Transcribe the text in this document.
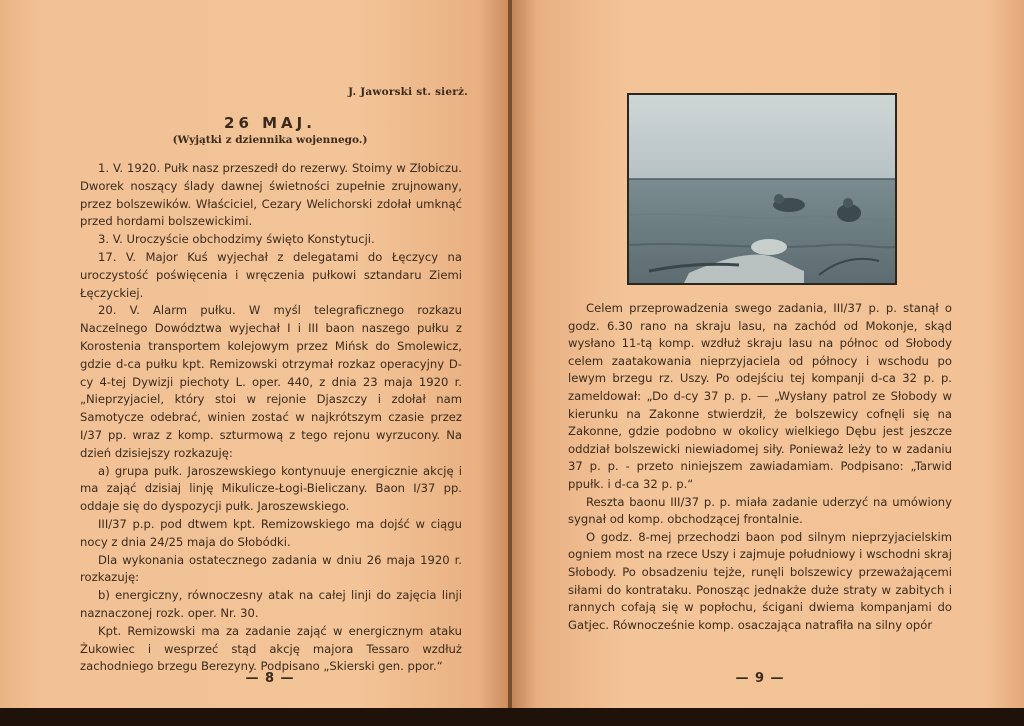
J. Jaworski st. sierż.
26 MAJ.
(Wyjątki z dziennika wojennego.)

1. V. 1920. Pułk nasz przeszedł do rezerwy. Stoimy w Złobiczu. Dworek noszący ślady dawnej świetności zupełnie zrujnowany, przez bolszewików. Właściciel, Cezary Welichorski zdołał umknąć przed hordami bolszewickimi.

3. V. Uroczyście obchodzimy święto Konstytucji.

17. V. Major Kuś wyjechał z delegatami do Łęczycy na uroczystość poświęcenia i wręczenia pułkowi sztandaru Ziemi Łęczyckiej.

20. V. Alarm pułku. W myśl telegraficznego rozkazu Naczelnego Dowództwa wyjechał I i III baon naszego pułku z Korostenia transportem kolejowym przez Mińsk do Smolewicz, gdzie d-ca pułku kpt. Remizowski otrzymał rozkaz operacyjny D-cy 4-tej Dywizji piechoty L. oper. 440, z dnia 23 maja 1920 r. „Nieprzyjaciel, który stoi w rejonie Djaszczy i zdołał nam Samotycze odebrać, winien zostać w najkrótszym czasie przez I/37 pp. wraz z komp. szturmową z tego rejonu wyrzucony. Na dzień dzisiejszy rozkazuję:

a) grupa pułk. Jaroszewskiego kontynuuje energicznie akcję i ma zająć dzisiaj linję Mikulicze-Łogi-Bieliczany. Baon I/37 pp. oddaje się do dyspozycji pułk. Jaroszewskiego.

III/37 p.p. pod dtwem kpt. Remizowskiego ma dojść w ciągu nocy z dnia 24/25 maja do Słobódki.

Dla wykonania ostatecznego zadania w dniu 26 maja 1920 r. rozkazuję:

b) energiczny, równoczesny atak na całej linji do zajęcia linji naznaczonej rozk. oper. Nr. 30.

Kpt. Remizowski ma za zadanie zająć w energicznym ataku Żukowiec i wesprzeć stąd akcję majora Tessaro wzdłuż zachodniego brzegu Berezyny. Podpisano „Skierski gen. ppor.“

— 8 —

Celem przeprowadzenia swego zadania, III/37 p. p. stanął o godz. 6.30 rano na skraju lasu, na zachód od Mokonje, skąd wysłano 11-tą komp. wzdłuż skraju lasu na północ od Słobody celem zaatakowania nieprzyjaciela od północy i wschodu po lewym brzegu rz. Uszy. Po odejściu tej kompanji d-ca 32 p. p. zameldował: „Do d-cy 37 p. p. — „Wysłany patrol ze Słobody w kierunku na Zakonne stwierdził, że bolszewicy cofnęli się na Zakonne, gdzie podobno w okolicy wielkiego Dębu jest jeszcze oddział bolszewicki niewiadomej siły. Ponieważ leży to w zadaniu 37 p. p. - przeto niniejszem zawiadamiam. Podpisano: „Tarwid ppułk. i d-ca 32 p. p.“

Reszta baonu III/37 p. p. miała zadanie uderzyć na umówiony sygnał od komp. obchodzącej frontalnie.

O godz. 8-mej przechodzi baon pod silnym nieprzyjacielskim ogniem most na rzece Uszy i zajmuje południowy i wschodni skraj Słobody. Po obsadzeniu tejże, runęli bolszewicy przeważającemi siłami do kontrataku. Ponosząc jednakże duże straty w zabitych i rannych cofają się w popłochu, ścigani dwiema kompanjami do Gatjec. Równocześnie komp. osaczająca natrafiła na silny opór

— 9 —
